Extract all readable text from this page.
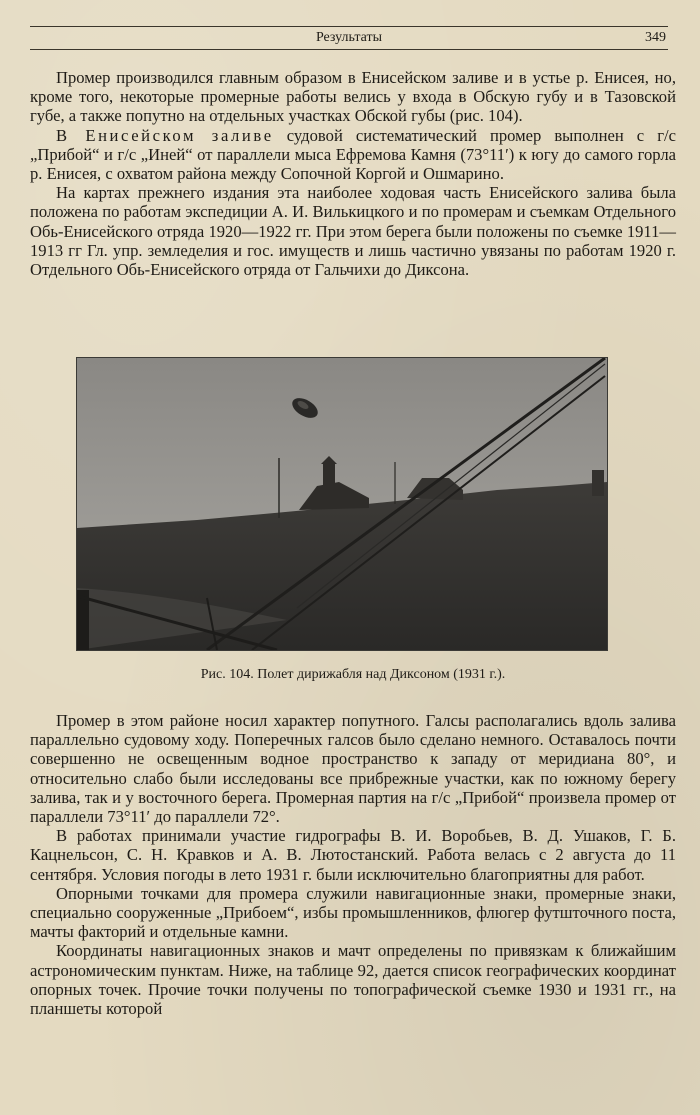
Результаты	349

Промер производился главным образом в Енисейском заливе и в устье р. Енисея, но, кроме того, некоторые промерные работы велись у входа в Обскую губу и в Тазовской губе, а также попутно на отдельных участках Обской губы (рис. 104).

В Енисейском заливе судовой систематический промер выполнен с г/с „Прибой“ и г/с „Иней“ от параллели мыса Ефремова Камня (73°11′) к югу до самого горла р. Енисея, с охватом района между Сопочной Коргой и Ошмарино.

На картах прежнего издания эта наиболее ходовая часть Енисейского залива была положена по работам экспедиции А. И. Вилькицкого и по промерам и съемкам Отдельного Обь-Енисейского отряда 1920—1922 гг. При этом берега были положены по съемке 1911—1913 гг Гл. упр. земледелия и гос. имуществ и лишь частично увязаны по работам 1920 г. Отдельного Обь-Енисейского отряда от Гальчихи до Диксона.

Рис. 104. Полет дирижабля над Диксоном (1931 г.).

Промер в этом районе носил характер попутного. Галсы располагались вдоль залива параллельно судовому ходу. Поперечных галсов было сделано немного. Оставалось почти совершенно не освещенным водное пространство к западу от меридиана 80°, и относительно слабо были исследованы все прибрежные участки, как по южному берегу залива, так и у восточного берега. Промерная партия на г/с „Прибой“ произвела промер от параллели 73°11′ до параллели 72°.

В работах принимали участие гидрографы В. И. Воробьев, В. Д. Ушаков, Г. Б. Кацнельсон, С. Н. Кравков и А. В. Лютостанский. Работа велась с 2 августа до 11 сентября. Условия погоды в лето 1931 г. были исключительно благоприятны для работ.

Опорными точками для промера служили навигационные знаки, промерные знаки, специально сооруженные „Прибоем“, избы промышленников, флюгер футшточного поста, мачты факторий и отдельные камни.

Координаты навигационных знаков и мачт определены по привязкам к ближайшим астрономическим пунктам. Ниже, на таблице 92, дается список географических координат опорных точек. Прочие точки получены по топографической съемке 1930 и 1931 гг., на планшеты которой
